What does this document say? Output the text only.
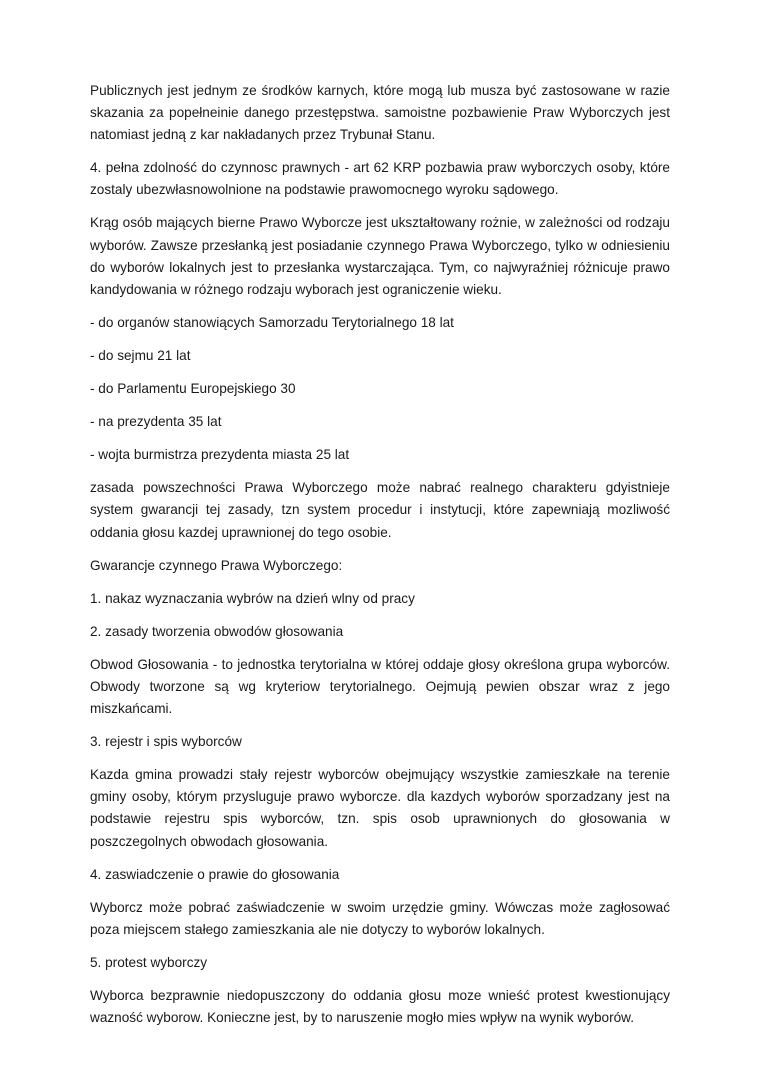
Publicznych jest jednym ze środków karnych, które mogą lub musza być zastosowane w razie skazania za popełneinie danego przestępstwa. samoistne pozbawienie Praw Wyborczych jest natomiast jedną z kar nakładanych przez Trybunał Stanu.

4. pełna zdolność do czynnosc prawnych - art 62 KRP pozbawia praw wyborczych osoby, które zostaly ubezwłasnowolnione na podstawie prawomocnego wyroku sądowego.

Krąg osób mających bierne Prawo Wyborcze jest ukształtowany rożnie, w zależności od rodzaju wyborów. Zawsze przesłanką jest posiadanie czynnego Prawa Wyborczego, tylko w odniesieniu do wyborów lokalnych jest to przesłanka wystarczająca. Tym, co najwyraźniej różnicuje prawo kandydowania w różnego rodzaju wyborach jest ograniczenie wieku.

- do organów stanowiących Samorzadu Terytorialnego 18 lat

- do sejmu 21 lat

- do Parlamentu Europejskiego 30

- na prezydenta 35 lat

- wojta burmistrza prezydenta miasta 25 lat

zasada powszechności Prawa Wyborczego może nabrać realnego charakteru gdyistnieje system gwarancji tej zasady, tzn system procedur i instytucji, które zapewniają mozliwość oddania głosu kazdej uprawnionej do tego osobie.

Gwarancje czynnego Prawa Wyborczego:

1. nakaz wyznaczania wybrów na dzień wlny od pracy

2. zasady tworzenia obwodów głosowania

Obwod Głosowania - to jednostka terytorialna w której oddaje głosy określona grupa wyborców. Obwody tworzone są wg kryteriow terytorialnego. Oejmują pewien obszar wraz z jego miszkańcami.

3. rejestr i spis wyborców

Kazda gmina prowadzi stały rejestr wyborców obejmujący wszystkie zamieszkałe na terenie gminy osoby, którym przysluguje prawo wyborcze. dla kazdych wyborów sporzadzany jest na podstawie rejestru spis wyborców, tzn. spis osob uprawnionych do głosowania w poszczegolnych obwodach głosowania.

4. zaswiadczenie o prawie do głosowania

Wyborcz może pobrać zaświadczenie w swoim urzędzie gminy. Wówczas może zagłosować poza miejscem stałego zamieszkania ale nie dotyczy to wyborów lokalnych.

5. protest wyborczy

Wyborca bezprawnie niedopuszczony do oddania głosu moze wnieść protest kwestionujący wazność wyborow. Konieczne jest, by to naruszenie mogło mies wpływ na wynik wyborów.
